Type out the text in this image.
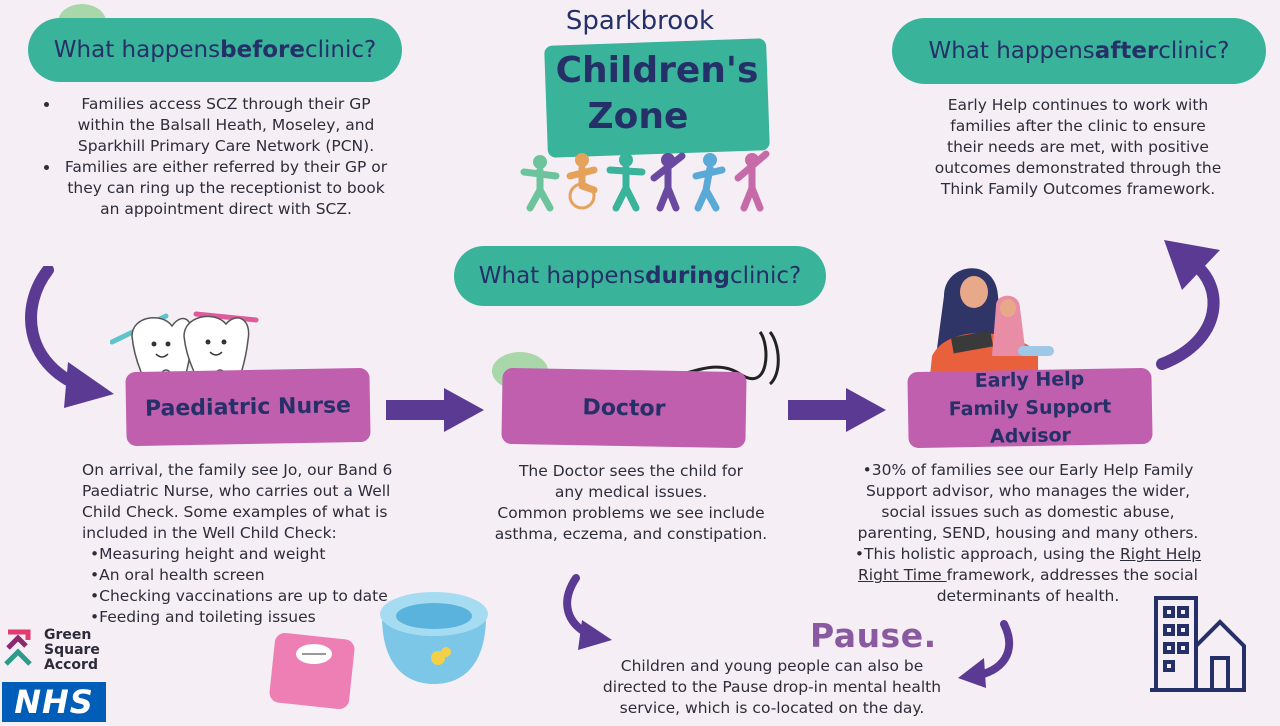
Sparkbrook
Children's
Zone
What happens before clinic?
• Families access SCZ through their GP within the Balsall Heath, Moseley, and Sparkhill Primary Care Network (PCN).
• Families are either referred by their GP or they can ring up the receptionist to book an appointment direct with SCZ.
What happens after clinic?
Early Help continues to work with families after the clinic to ensure their needs are met, with positive outcomes demonstrated through the Think Family Outcomes framework.
What happens during clinic?
Paediatric Nurse
On arrival, the family see Jo, our Band 6 Paediatric Nurse, who carries out a Well Child Check. Some examples of what is included in the Well Child Check:
•Measuring height and weight
•An oral health screen
•Checking vaccinations are up to date
•Feeding and toileting issues
Doctor
The Doctor sees the child for any medical issues.
Common problems we see include asthma, eczema, and constipation.
Early Help
Family Support Advisor
•30% of families see our Early Help Family Support advisor, who manages the wider, social issues such as domestic abuse, parenting, SEND, housing and many others.
•This holistic approach, using the Right Help Right Time framework, addresses the social determinants of health.
Pause.
Children and young people can also be directed to the Pause drop-in mental health service, which is co-located on the day.
Green
Square
Accord
NHS
